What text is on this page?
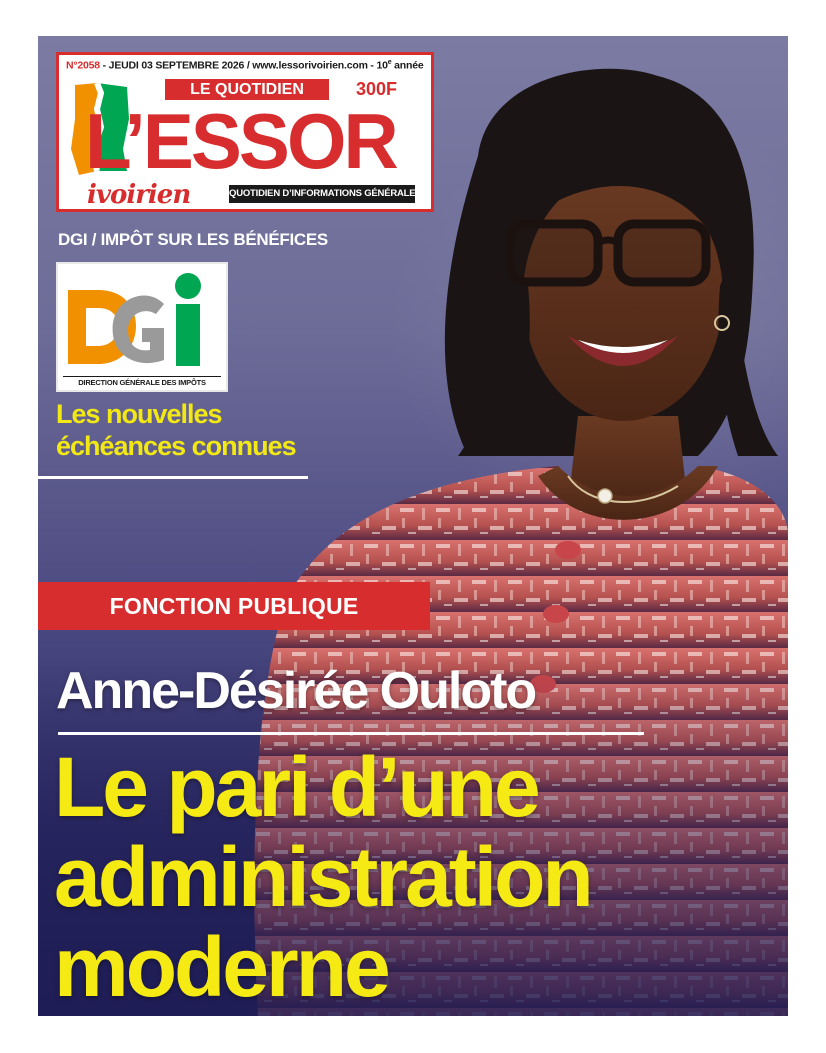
N°2058 - JEUDI 03 SEPTEMBRE 2026 / www.lessorivoirien.com - 10e année
LE QUOTIDIEN	300F
L’ESSOR
ivoirien	QUOTIDIEN D’INFORMATIONS GÉNÉRALES
DGI / IMPÔT SUR LES BÉNÉFICES
DIRECTION GÉNÉRALE DES IMPÔTS
Les nouvelles
échéances connues
FONCTION PUBLIQUE
Anne-Désirée Ouloto
Le pari d’une
administration
moderne
